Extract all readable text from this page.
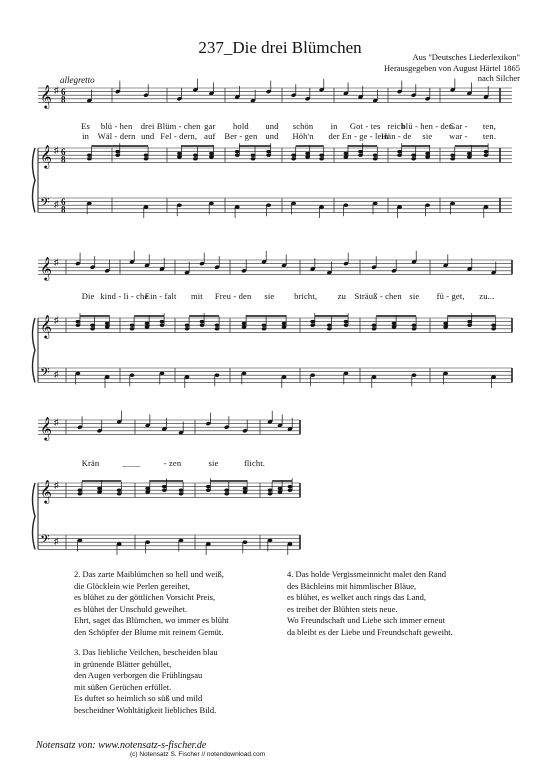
237_Die drei Blümchen	Aus "Deutsches Liederlexikon"
Herausgegeben von August Härtel 1865
nach Silcher
allegretto
𝄞 ♯ 6
8
𝄞 ♯ 6
8
𝄢 ♯ 6
8
𝄞 ♯
𝄞 ♯
𝄢 ♯
𝄞 ♯
𝄞 ♯
𝄢 ♯
Es blü - hen drei Blüm - chen gar hold und schön in Got - tes reich
blü - hen - den
Gar - ten,
in Wäl - dern und Fel - dern, auf Ber - gen und Höh'n der En - ge - lein
Hän - de sie war - ten.
Die kind - li - che
Ein - falt mit Freu - den sie bricht, zu Sträuß - chen sie fü - get, zu...
Krän	____	- zen	sie	flicht.
2. Das zarte Maiblümchen so hell und weiß,
die Glöcklein wie Perlen gereihet,
es blühet zu der göttlichen Vorsicht Preis,
es blühet der Unschuld geweihet.
Ehrt, saget das Blümchen, wo immer es blüht
den Schöpfer der Blume mit reinem Gemüt.
3. Das liebliche Veilchen, bescheiden blau
in grünende Blätter gehüllet,
den Augen verborgen die Frühlingsau
mit süßen Gerüchen erfüllet.
Es duftet so heimlich so süß und mild
bescheidner Wohltätigkeit liebliches Bild.
4. Das holde Vergissmeinnicht malet den Rand
des Bächleins mit himmlischer Bläue,
es blühet, es welket auch rings das Land,
es treibet der Blühten stets neue.
Wo Freundschaft und Liebe sich immer erneut
da bleibt es der Liebe und Freundschaft geweiht.
Notensatz von: www.notensatz-s-fischer.de
(c) Notensatz S. Fischer // notendownload.com
